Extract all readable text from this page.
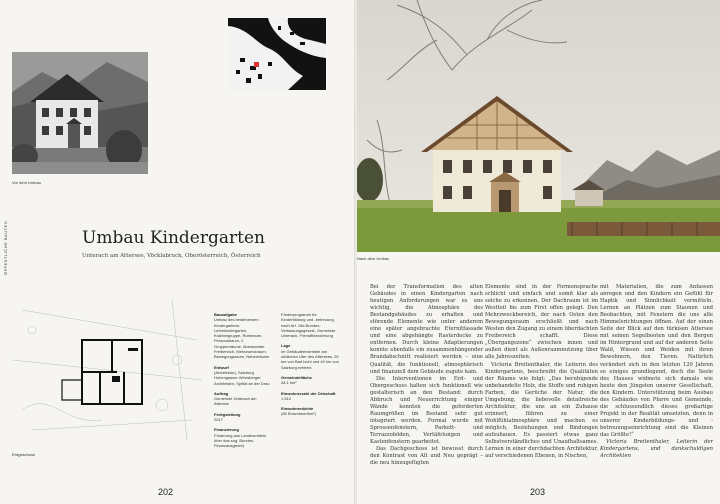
Vor dem Umbau
ÖFFENTLICHE BAUTEN	Umbau Kindergarten
Unterach am Attersee, Vöcklabruck, Oberösterreich, Österreich
Erdgeschoss
Bauaufgabe
Umbau des bestehenden Kindergartens: Lehmkindergarten, Krabbelgruppe, Ruheraum, Personalraum, 2 Gruppenräume, überdachter Freibereich, Mehrzweckraum, Bewegungsraum, Nebenräume
Entwurf
(Architektur), Salzburg Hohengasser Wirnsberger Architekten, Spittal an der Drau
Auftrag
Gemeinde Unterach am Attersee
Fertigstellung
2017
Finanzierung
Förderung aus Landesmitteln über das sog. Bundes-Finanzausgleich)
Förderprogramm für Kinderbildung und -betreuung, nach Art. 15a Bundes-Verfassungsgesetz, Gemeinde Unterach, Fremdfinanzierung
Lage
Im Gebäudeensemble am südlichen Ufer des Attersees, 25 km von Bad Ischl und 40 km von Salzburg entfernt
Gemeindefläche
28,1 km²
Einwohnerzahl der Ortschaft
1.512
Einwohnerdichte
(55 Einwohner/km²)
202
Nach dem Umbau

Bei der Transformation des alten Gebäudes in einen Kindergarten nach heutigen Anforderungen war es uns wichtig, die Atmosphäre des Bestandgebäudes zu erhalten und störende Elemente wie unter anderem eine später angebrachte Eternitfassade und eine abgehängte Rasterdecke zu entfernen. Durch kleine Adaptierungen konnte ebenfalls ein zusammenhängender Brandabschnitt realisiert werden – eine Qualität, die funktionell, atmosphärisch und finanziell dem Gebäude zugute kam.

Die Interventionen im Erd- und Obergeschoss halten sich funktionell wie gestalterisch an den Bestand: durch Abbruch und Neuerrichtung einiger Wände konnten die geforderten Raumgrößen im Bestand sehr gut integriert werden. Formal wurde mit Sprossenfenstern, Parkett- und Terrazzoböden, Vertäfelungen und Kastenfenstern gearbeitet.

Das Dachgeschoss ist bewusst durch den Kontrast von Alt und Neu geprägt – die neu hinzugefügten

Elemente sind in der Formensprache schlicht und einfach und somit klar als solche zu erkennen. Der Dachraum ist im Westteil bis zum First offen gelegt. Den Mehrzweckbereich, der nach Osten den Bewegungsraum erschließt und nach Westen den Zugang zu einem überdachten Freibereich schafft. Diese „Übergangszone“ zwischen innen und außen dient als Außenraumnutzung über alle Jahreszeiten.

Victoria Breitenthaler, die Leiterin des Kindergartens, beschreibt die Qualitäten der Räume wie folgt: „Das beruhigende unbehandelte Holz, die Stoffe und ruhigen Farben, die Gerüche der Natur, die Umgebung, die liebevolle detailreiche Architektur, die uns an ein Zuhause erinnert, führen zu einer Wohlfühlatmosphäre und machen es möglich, Beziehungen und Bindungen aufzubauen. Es passiert etwas ganz Selbstverständliches und Unaufhaltsames. Lernen in einer durchdachten Architektur, auf verschiedenen Ebenen, in Nischen,

mit Materialien, die zum Anfassen anregen und den Kindern ein Gefühl für Haptik und Sinnlichkeit vermitteln. Lernen an Plätzen zum Staunen und Beobachten, mit Fenstern die uns alle Himmelsrichtungen öffnen. Auf der einen Seite der Blick auf den türkisen Attersee mit seinen Segelbooten und den Bergen im Hintergrund und auf der anderen Seite Wald, Wiesen und Weiden mit ihren Bewohnern, den Tieren. Natürlich verändert sich in den letzten 120 Jahren so einiges grundlegend, doch die Seele des Hauses widmete sich damals wie heute den Jüngsten unserer Gesellschaft, den Kindern. Unterstützung beim Ausbau des Gebäudes von Pfarre und Gemeinde, die schlussendlich dieses großartige Projekt in der Realität umsetzten, denn in unserer Kinderbildungs- und -betreuungseinrichtung sind die Kleinen das Größte!“

Victoria Breitenthaler, Leiterin der Kindergartens, und dankschuldigen Architekten

203
